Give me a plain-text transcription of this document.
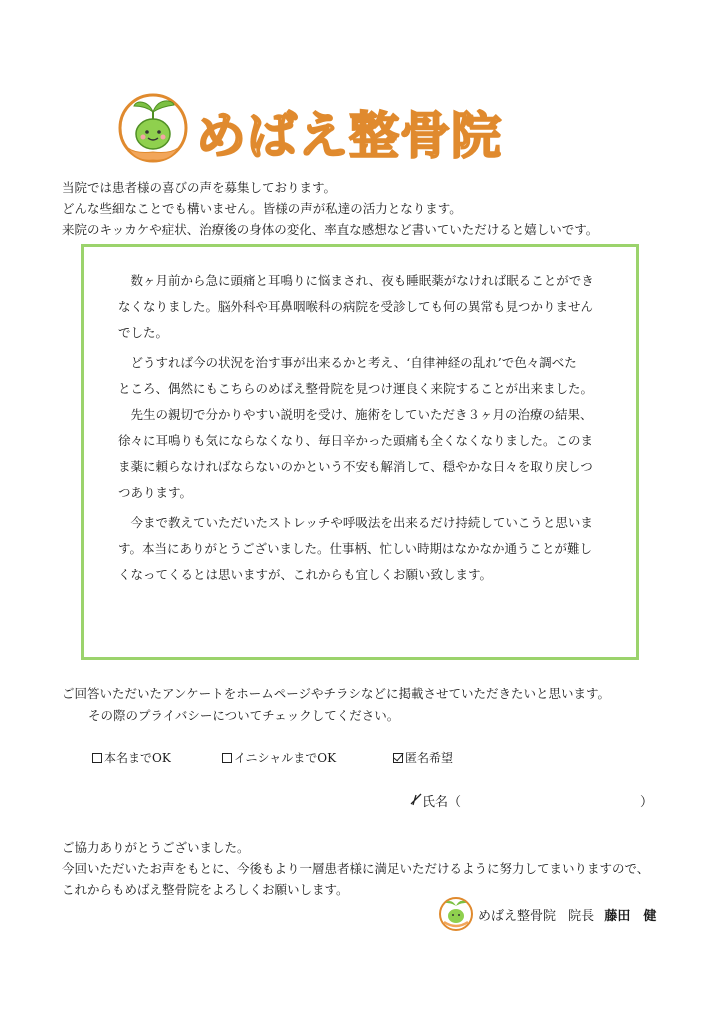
めばえ整骨院
当院では患者様の喜びの声を募集しております。
どんな些細なことでも構いません。皆様の声が私達の活力となります。
来院のキッカケや症状、治療後の身体の変化、率直な感想など書いていただけると嬉しいです。
　数ヶ月前から急に頭痛と耳鳴りに悩まされ、夜も睡眠薬がなければ眠ることができ
なくなりました。脳外科や耳鼻咽喉科の病院を受診しても何の異常も見つかりません
でした。
　どうすれば今の状況を治す事が出来るかと考え、‘自律神経の乱れ’で色々調べた
ところ、偶然にもこちらのめばえ整骨院を見つけ運良く来院することが出来ました。
　先生の親切で分かりやすい説明を受け、施術をしていただき３ヶ月の治療の結果、
徐々に耳鳴りも気にならなくなり、毎日辛かった頭痛も全くなくなりました。このま
ま薬に頼らなければならないのかという不安も解消して、穏やかな日々を取り戻しつ
つあります。
　今まで教えていただいたストレッチや呼吸法を出来るだけ持続していこうと思いま
す。本当にありがとうございました。仕事柄、忙しい時期はなかなか通うことが難し
くなってくるとは思いますが、これからも宜しくお願い致します。
ご回答いただいたアンケートをホームページやチラシなどに掲載させていただきたいと思います。
その際のプライバシーについてチェックしてください。
本名までOK	イニシャルまでOK	匿名希望
氏名（	）
ご協力ありがとうございました。
今回いただいたお声をもとに、今後もより一層患者様に満足いただけるように努力してまいりますので、
これからもめばえ整骨院をよろしくお願いします。
めばえ整骨院 院長 藤田　健
